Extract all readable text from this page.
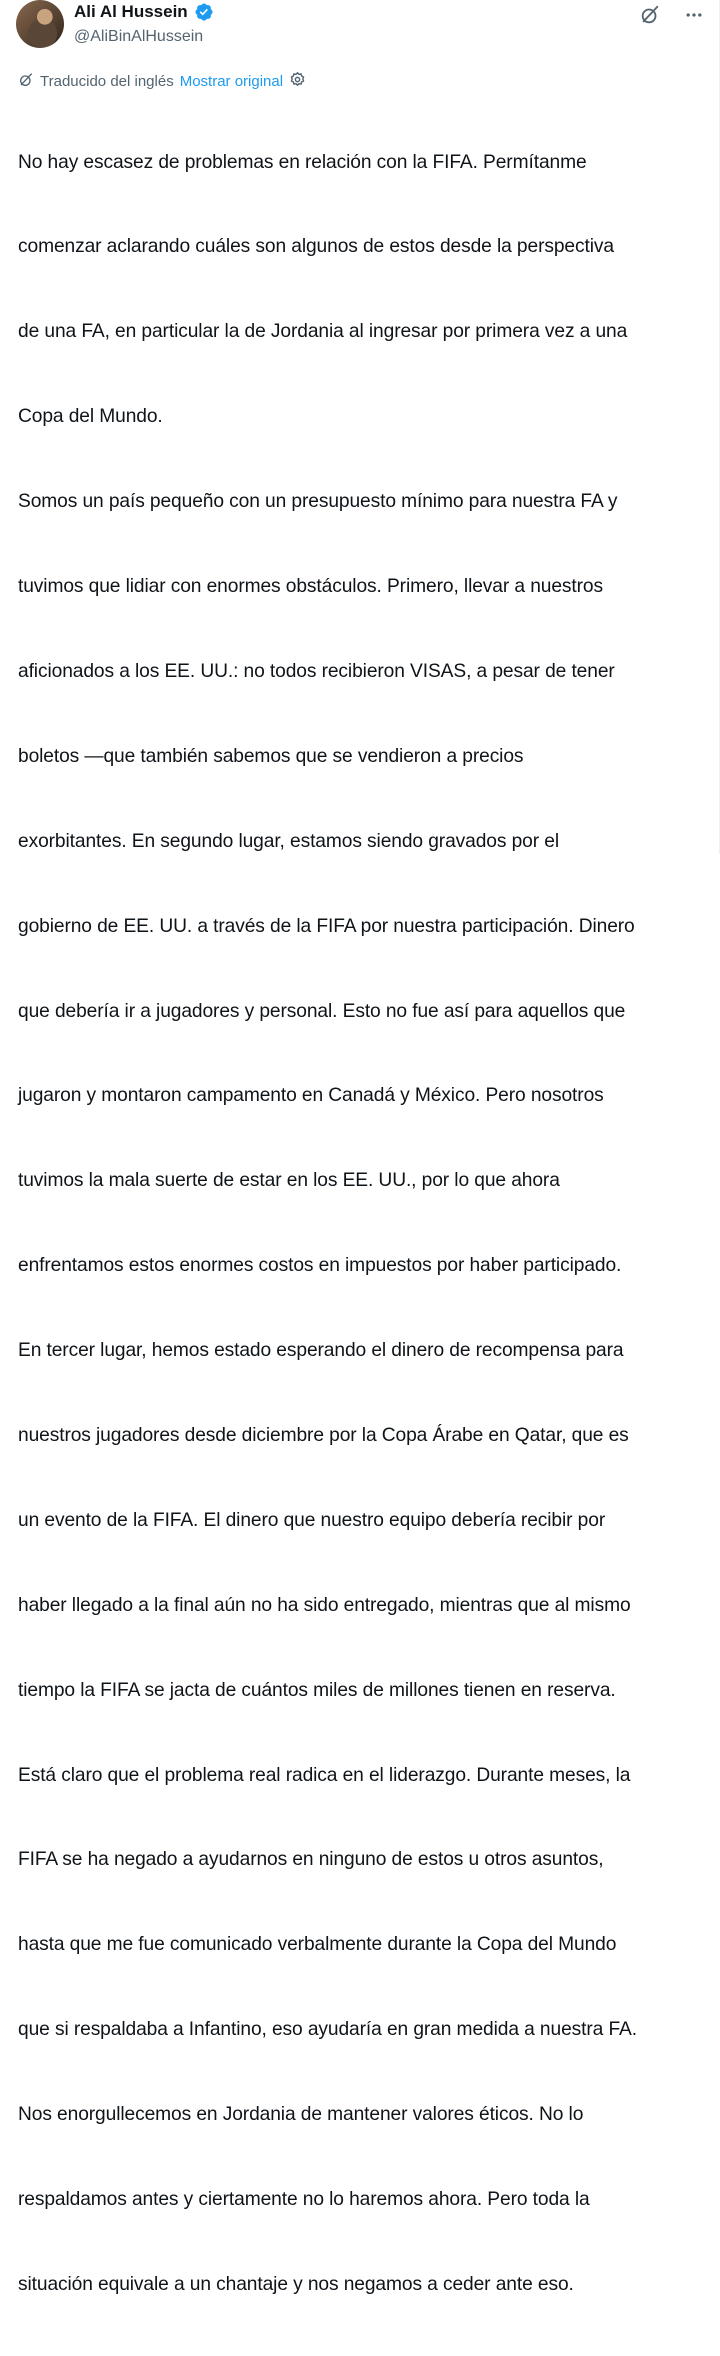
Ali Al Hussein
@AliBinAlHussein
Traducido del inglés Mostrar original

No hay escasez de problemas en relación con la FIFA. Permítanme

comenzar aclarando cuáles son algunos de estos desde la perspectiva

de una FA, en particular la de Jordania al ingresar por primera vez a una

Copa del Mundo.

Somos un país pequeño con un presupuesto mínimo para nuestra FA y

tuvimos que lidiar con enormes obstáculos. Primero, llevar a nuestros

aficionados a los EE. UU.: no todos recibieron VISAS, a pesar de tener

boletos —que también sabemos que se vendieron a precios

exorbitantes. En segundo lugar, estamos siendo gravados por el

gobierno de EE. UU. a través de la FIFA por nuestra participación. Dinero

que debería ir a jugadores y personal. Esto no fue así para aquellos que

jugaron y montaron campamento en Canadá y México. Pero nosotros

tuvimos la mala suerte de estar en los EE. UU., por lo que ahora

enfrentamos estos enormes costos en impuestos por haber participado.

En tercer lugar, hemos estado esperando el dinero de recompensa para

nuestros jugadores desde diciembre por la Copa Árabe en Qatar, que es

un evento de la FIFA. El dinero que nuestro equipo debería recibir por

haber llegado a la final aún no ha sido entregado, mientras que al mismo

tiempo la FIFA se jacta de cuántos miles de millones tienen en reserva.

Está claro que el problema real radica en el liderazgo. Durante meses, la

FIFA se ha negado a ayudarnos en ninguno de estos u otros asuntos,

hasta que me fue comunicado verbalmente durante la Copa del Mundo

que si respaldaba a Infantino, eso ayudaría en gran medida a nuestra FA.

Nos enorgullecemos en Jordania de mantener valores éticos. No lo

respaldamos antes y ciertamente no lo haremos ahora. Pero toda la

situación equivale a un chantaje y nos negamos a ceder ante eso.
